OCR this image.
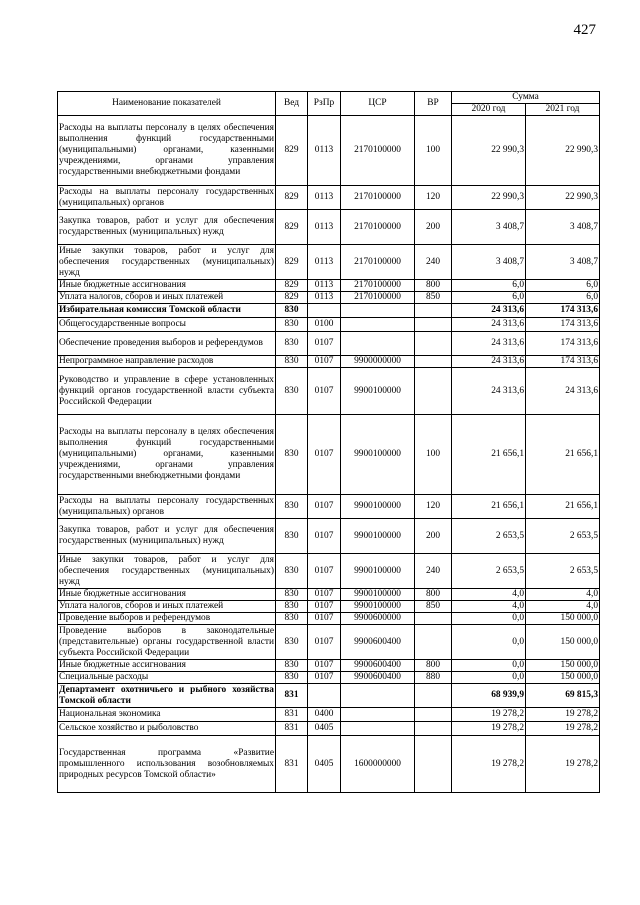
427
Наименование показателей	Вед	РзПр	ЦСР	ВР	Сумма	
					2020 год	2021 год
Расходы на выплаты персоналу в целях обеспечения выполнения функций государственными (муниципальными) органами, казенными учреждениями, органами управления государственными внебюджетными фондами	829	0113	2170100000	100	22 990,3	22 990,3
Расходы на выплаты персоналу государственных (муниципальных) органов	829	0113	2170100000	120	22 990,3	22 990,3
Закупка товаров, работ и услуг для обеспечения государственных (муниципальных) нужд	829	0113	2170100000	200	3 408,7	3 408,7
Иные закупки товаров, работ и услуг для обеспечения государственных (муниципальных) нужд	829	0113	2170100000	240	3 408,7	3 408,7
Иные бюджетные ассигнования	829	0113	2170100000	800	6,0	6,0
Уплата налогов, сборов и иных платежей	829	0113	2170100000	850	6,0	6,0
Избирательная комиссия Томской области	830				24 313,6	174 313,6
Общегосударственные вопросы	830	0100			24 313,6	174 313,6
Обеспечение проведения выборов и референдумов	830	0107			24 313,6	174 313,6
Непрограммное направление расходов	830	0107	9900000000		24 313,6	174 313,6
Руководство и управление в сфере установленных функций органов государственной власти субъекта Российской Федерации	830	0107	9900100000		24 313,6	24 313,6
Расходы на выплаты персоналу в целях обеспечения выполнения функций государственными (муниципальными) органами, казенными учреждениями, органами управления государственными внебюджетными фондами	830	0107	9900100000	100	21 656,1	21 656,1
Расходы на выплаты персоналу государственных (муниципальных) органов	830	0107	9900100000	120	21 656,1	21 656,1
Закупка товаров, работ и услуг для обеспечения государственных (муниципальных) нужд	830	0107	9900100000	200	2 653,5	2 653,5
Иные закупки товаров, работ и услуг для обеспечения государственных (муниципальных) нужд	830	0107	9900100000	240	2 653,5	2 653,5
Иные бюджетные ассигнования	830	0107	9900100000	800	4,0	4,0
Уплата налогов, сборов и иных платежей	830	0107	9900100000	850	4,0	4,0
Проведение выборов и референдумов	830	0107	9900600000		0,0	150 000,0
Проведение выборов в законодательные (представительные) органы государственной власти субъекта Российской Федерации	830	0107	9900600400		0,0	150 000,0
Иные бюджетные ассигнования	830	0107	9900600400	800	0,0	150 000,0
Специальные расходы	830	0107	9900600400	880	0,0	150 000,0
Департамент охотничьего и рыбного хозяйства Томской области	831				68 939,9	69 815,3
Национальная экономика	831	0400			19 278,2	19 278,2
Сельское хозяйство и рыболовство	831	0405			19 278,2	19 278,2
Государственная программа «Развитие промышленного использования возобновляемых природных ресурсов Томской области»	831	0405	1600000000		19 278,2	19 278,2
